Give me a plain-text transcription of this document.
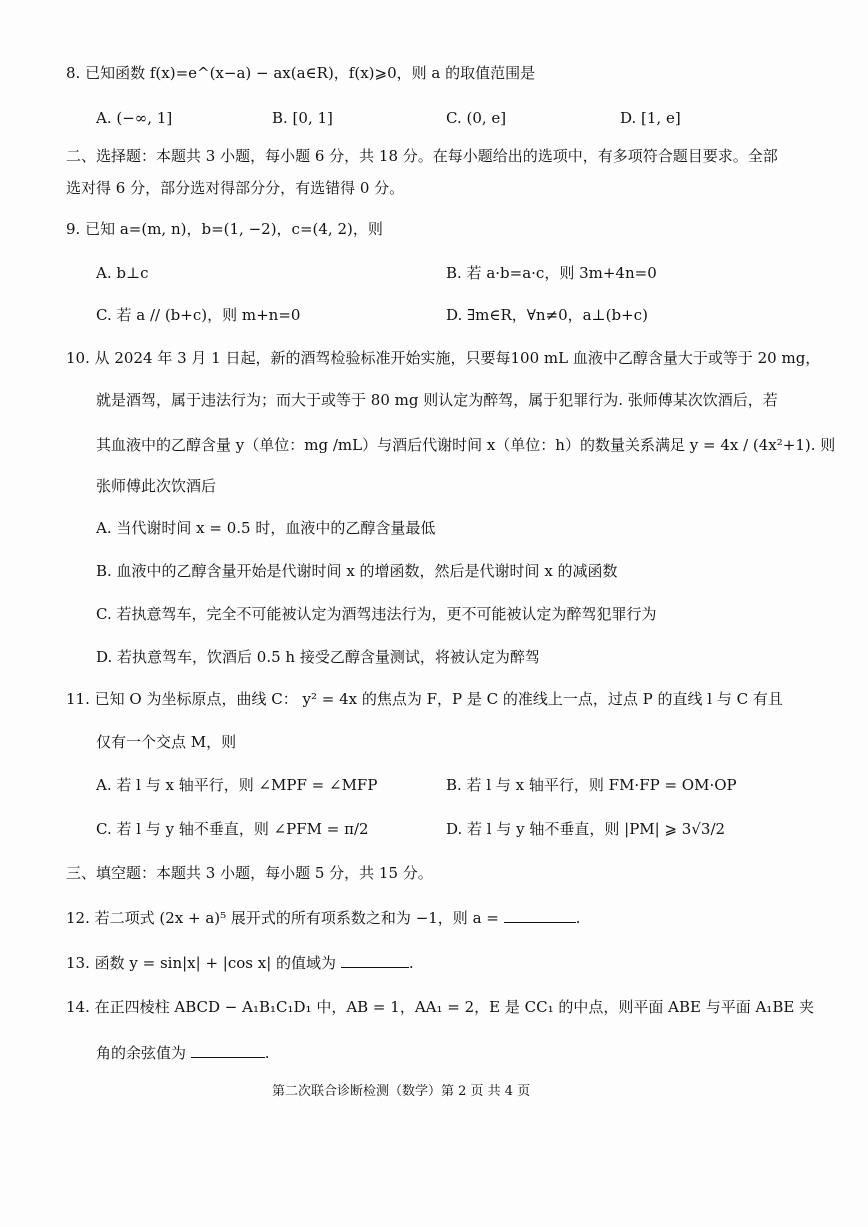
8. 已知函数 f(x)=e^(x−a) − ax(a∈R)，f(x)⩾0，则 a 的取值范围是
A. (−∞, 1]	B. [0, 1]	C. (0, e]	D. [1, e]
二、选择题：本题共 3 小题，每小题 6 分，共 18 分。在每小题给出的选项中，有多项符合题目要求。全部
选对得 6 分，部分选对得部分分，有选错得 0 分。
9. 已知 a=(m, n)，b=(1, −2)，c=(4, 2)，则
A. b⊥c	B. 若 a·b=a·c，则 3m+4n=0
C. 若 a // (b+c)，则 m+n=0	D. ∃m∈R，∀n≠0，a⊥(b+c)
10. 从 2024 年 3 月 1 日起，新的酒驾检验标准开始实施，只要每100 mL 血液中乙醇含量大于或等于 20 mg，
就是酒驾，属于违法行为；而大于或等于 80 mg 则认定为醉驾，属于犯罪行为. 张师傅某次饮酒后，若
其血液中的乙醇含量 y（单位：mg /mL）与酒后代谢时间 x（单位：h）的数量关系满足 y = 4x / (4x²+1). 则
张师傅此次饮酒后
A. 当代谢时间 x = 0.5 时，血液中的乙醇含量最低
B. 血液中的乙醇含量开始是代谢时间 x 的增函数，然后是代谢时间 x 的减函数
C. 若执意驾车，完全不可能被认定为酒驾违法行为，更不可能被认定为醉驾犯罪行为
D. 若执意驾车，饮酒后 0.5 h 接受乙醇含量测试，将被认定为醉驾
11. 已知 O 为坐标原点，曲线 C： y² = 4x 的焦点为 F，P 是 C 的准线上一点，过点 P 的直线 l 与 C 有且
仅有一个交点 M，则
A. 若 l 与 x 轴平行，则 ∠MPF = ∠MFP	B. 若 l 与 x 轴平行，则 FM·FP = OM·OP
C. 若 l 与 y 轴不垂直，则 ∠PFM = π/2	D. 若 l 与 y 轴不垂直，则 |PM| ⩾ 3√3/2
三、填空题：本题共 3 小题，每小题 5 分，共 15 分。
12. 若二项式 (2x + a)⁵ 展开式的所有项系数之和为 −1，则 a =	.
13. 函数 y = sin|x| + |cos x| 的值域为	.
14. 在正四棱柱 ABCD − A₁B₁C₁D₁ 中，AB = 1，AA₁ = 2，E 是 CC₁ 的中点，则平面 ABE 与平面 A₁BE 夹
角的余弦值为	.
第二次联合诊断检测（数学）第 2 页 共 4 页
